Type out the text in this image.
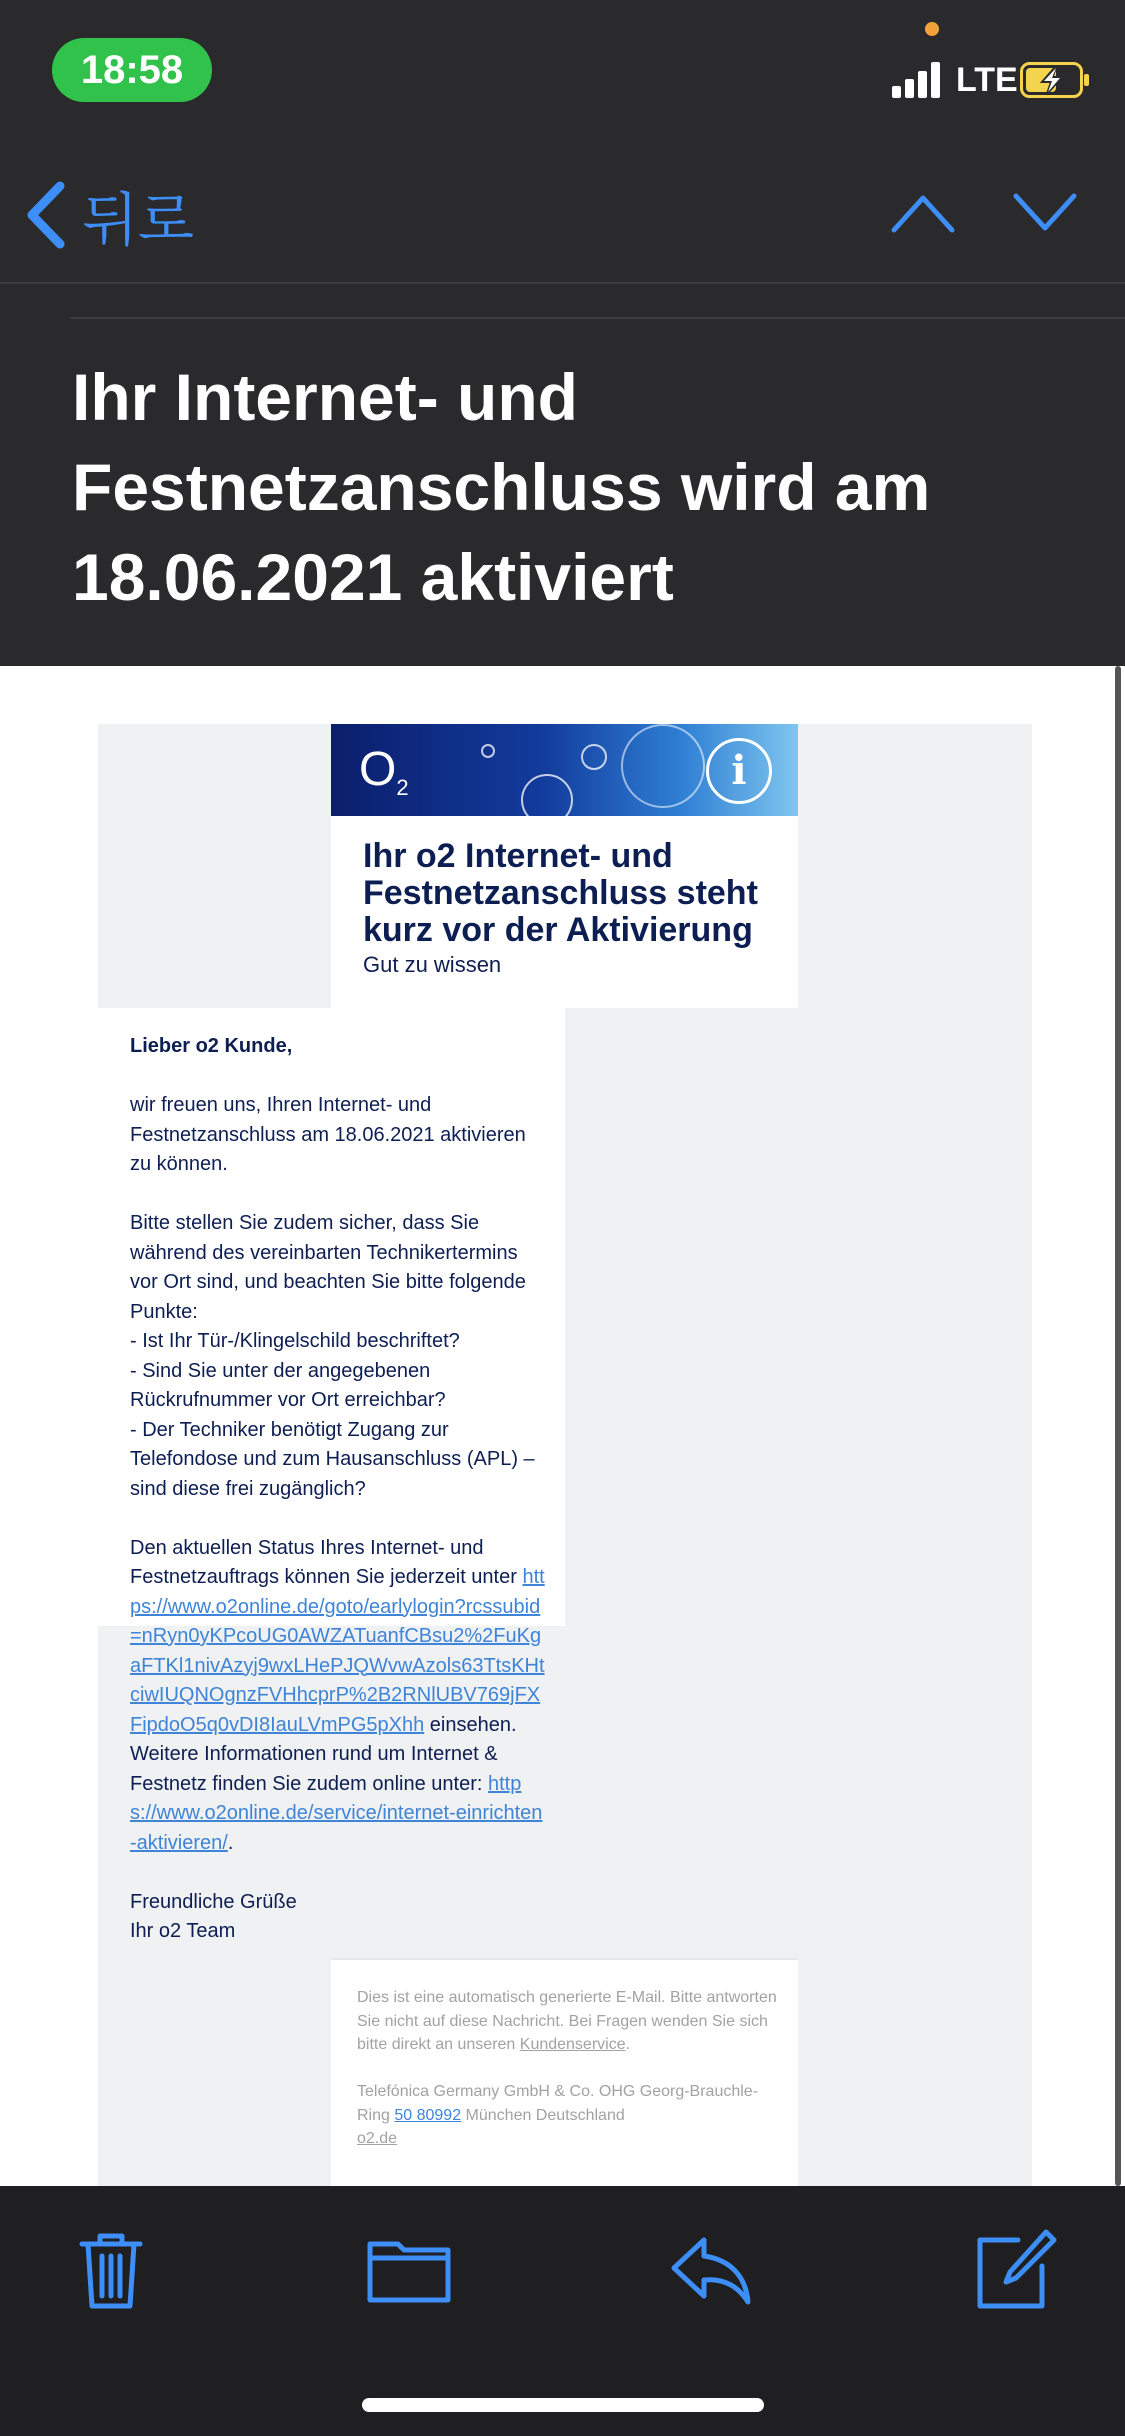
18:58	LTE
뒤로
Ihr Internet- und Festnetzanschluss wird am 18.06.2021 aktiviert
$O_2$	i
Ihr o2 Internet- und Festnetzanschluss steht kurz vor der Aktivierung
Gut zu wissen

Lieber o2 Kunde,

wir freuen uns, Ihren Internet- und Festnetzanschluss am 18.06.2021 aktivieren zu können.

Bitte stellen Sie zudem sicher, dass Sie während des vereinbarten Technikertermins vor Ort sind, und beachten Sie bitte folgende Punkte:

- Ist Ihr Tür-/Klingelschild beschriftet?

- Sind Sie unter der angegebenen Rückrufnummer vor Ort erreichbar?

- Der Techniker benötigt Zugang zur Telefondose und zum Hausanschluss (APL) – sind diese frei zugänglich?

Den aktuellen Status Ihres Internet- und Festnetzauftrags können Sie jederzeit unter https://www.o2online.de/goto/earlylogin?rcssubid=nRyn0yKPcoUG0AWZATuanfCBsu2%2FuKgaFTKl1nivAzyj9wxLHePJQWvwAzols63TtsKHtciwIUQNOgnzFVHhcprP%2B2RNlUBV769jFXFipdoO5q0vDI8IauLVmPG5pXhh einsehen. Weitere Informationen rund um Internet & Festnetz finden Sie zudem online unter: https://www.o2online.de/service/internet-einrichten-aktivieren/.

Freundliche Grüße

Ihr o2 Team

Dies ist eine automatisch generierte E-Mail. Bitte antworten Sie nicht auf diese Nachricht. Bei Fragen wenden Sie sich bitte direkt an unseren Kundenservice.

Telefónica Germany GmbH & Co. OHG Georg-Brauchle-Ring 50 80992 München Deutschland
o2.de
